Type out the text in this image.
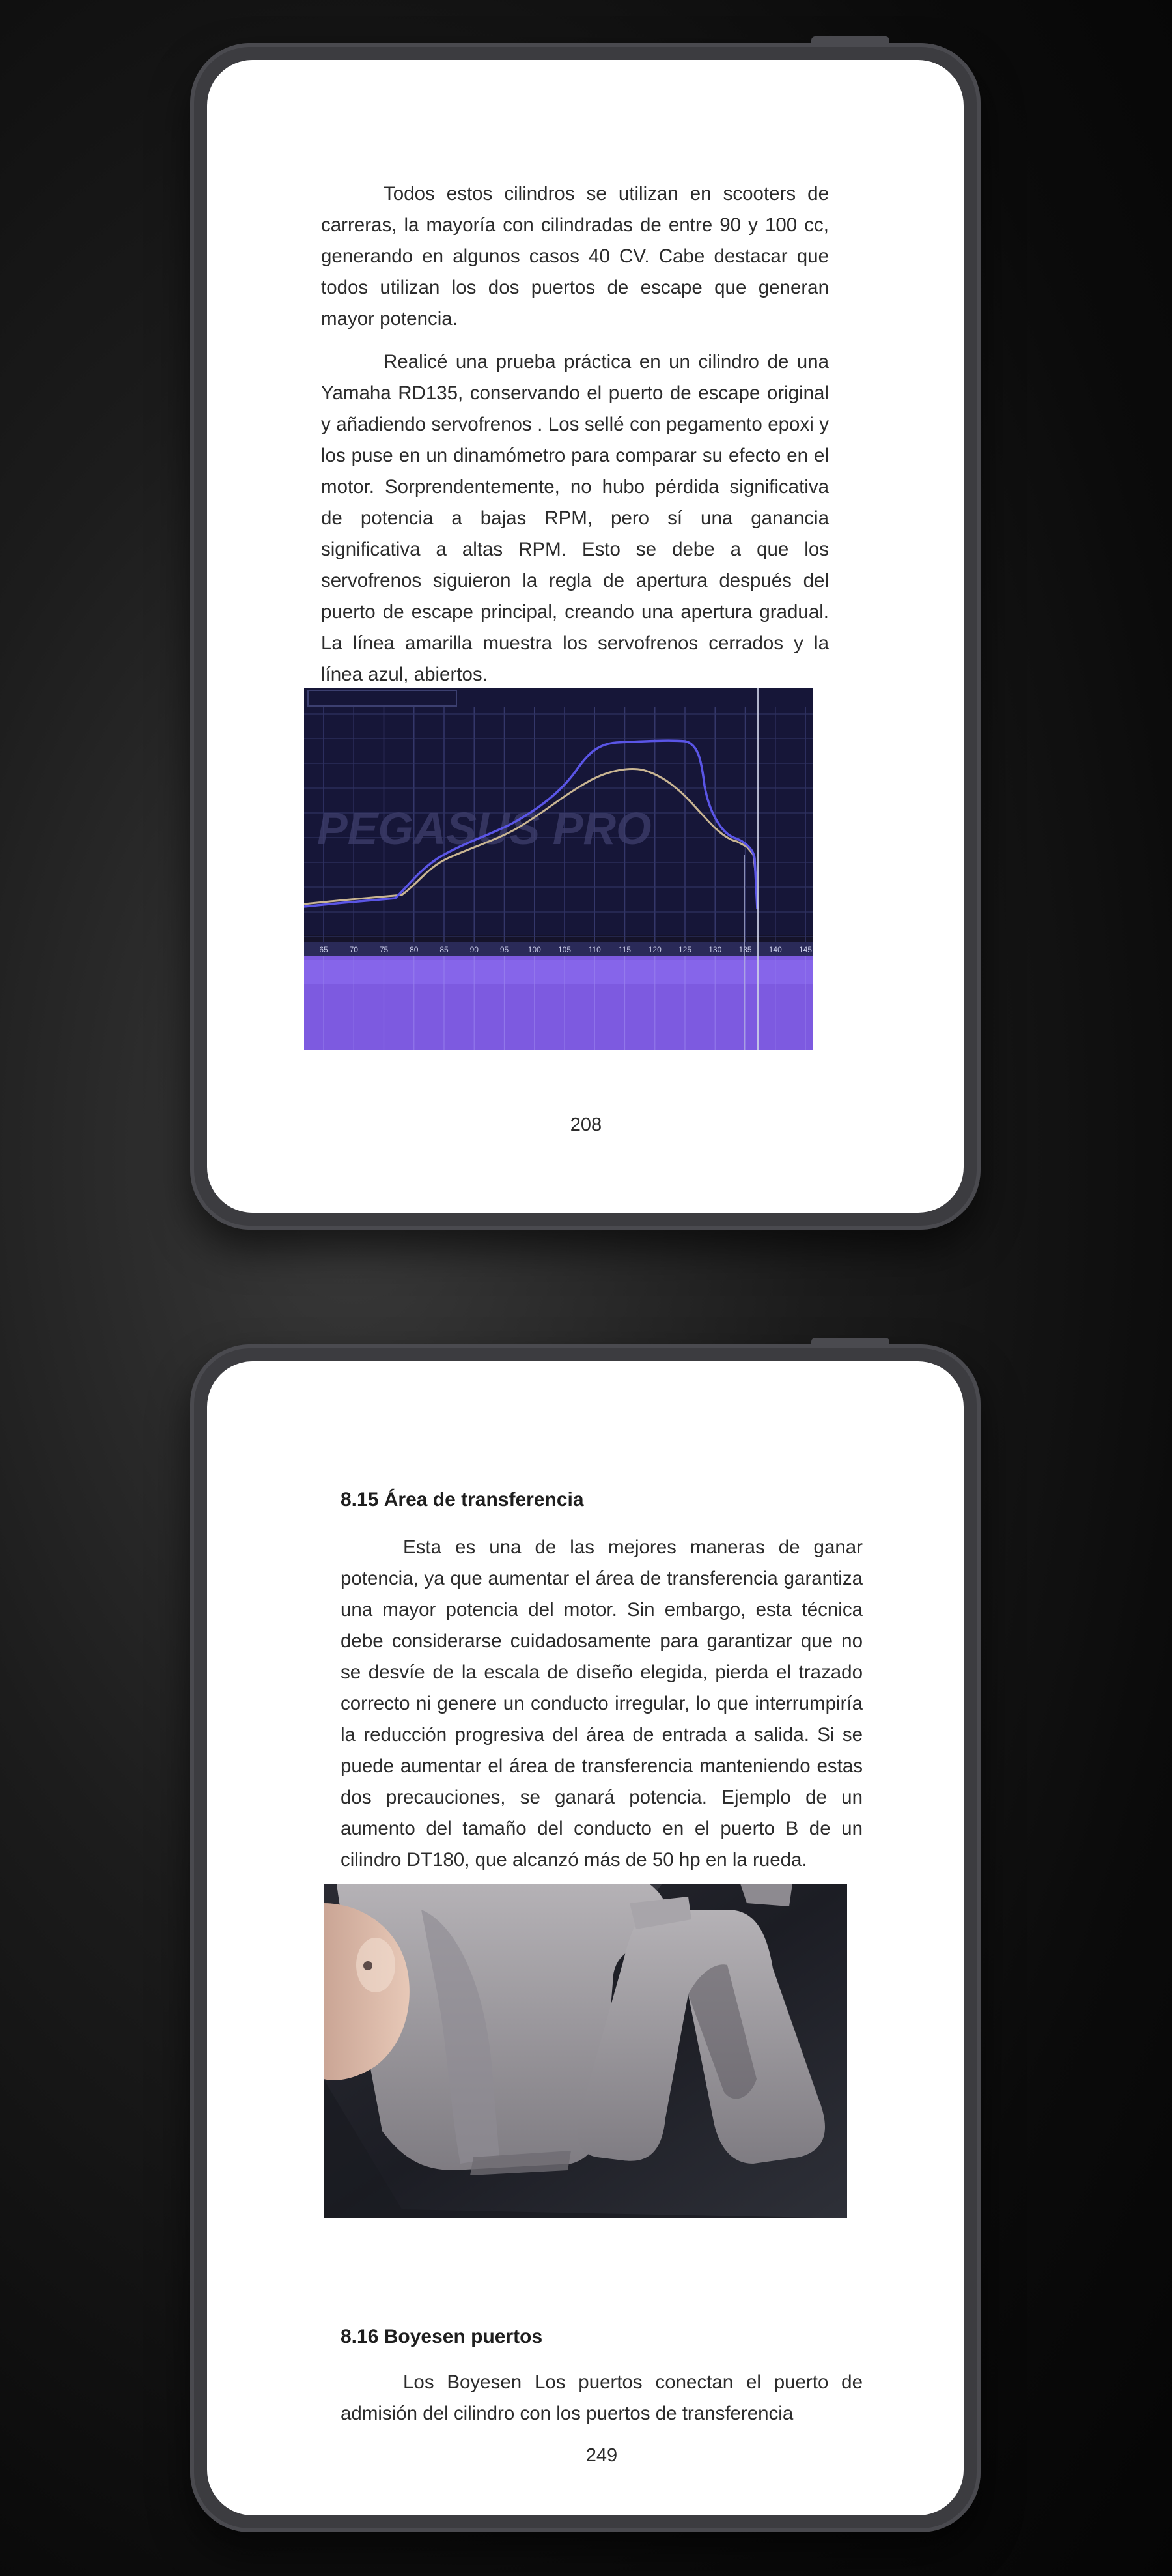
Todos estos cilindros se utilizan en scooters de carreras, la mayoría con cilindradas de entre 90 y 100 cc, generando en algunos casos 40 CV. Cabe destacar que todos utilizan los dos puertos de escape que generan mayor potencia.

Realicé una prueba práctica en un cilindro de una Yamaha RD135, conservando el puerto de escape original y añadiendo servofrenos . Los sellé con pegamento epoxi y los puse en un dinamómetro para comparar su efecto en el motor. Sorprendentemente, no hubo pérdida significativa de potencia a bajas RPM, pero sí una ganancia significativa a altas RPM. Esto se debe a que los servofrenos siguieron la regla de apertura después del puerto de escape principal, creando una apertura gradual. La línea amarilla muestra los servofrenos cerrados y la línea azul, abiertos.

PEGASUS PRO
65	70	75	80	85	90	95 100 105 110 115 120 125 130 135 140 145
208
8.15 Área de transferencia

Esta es una de las mejores maneras de ganar potencia, ya que aumentar el área de transferencia garantiza una mayor potencia del motor. Sin embargo, esta técnica debe considerarse cuidadosamente para garantizar que no se desvíe de la escala de diseño elegida, pierda el trazado correcto ni genere un conducto irregular, lo que interrumpiría la reducción progresiva del área de entrada a salida. Si se puede aumentar el área de transferencia manteniendo estas dos precauciones, se ganará potencia. Ejemplo de un aumento del tamaño del conducto en el puerto B de un cilindro DT180, que alcanzó más de 50 hp en la rueda.

8.16 Boyesen puertos

Los Boyesen Los puertos conectan el puerto de admisión del cilindro con los puertos de transferencia

249
